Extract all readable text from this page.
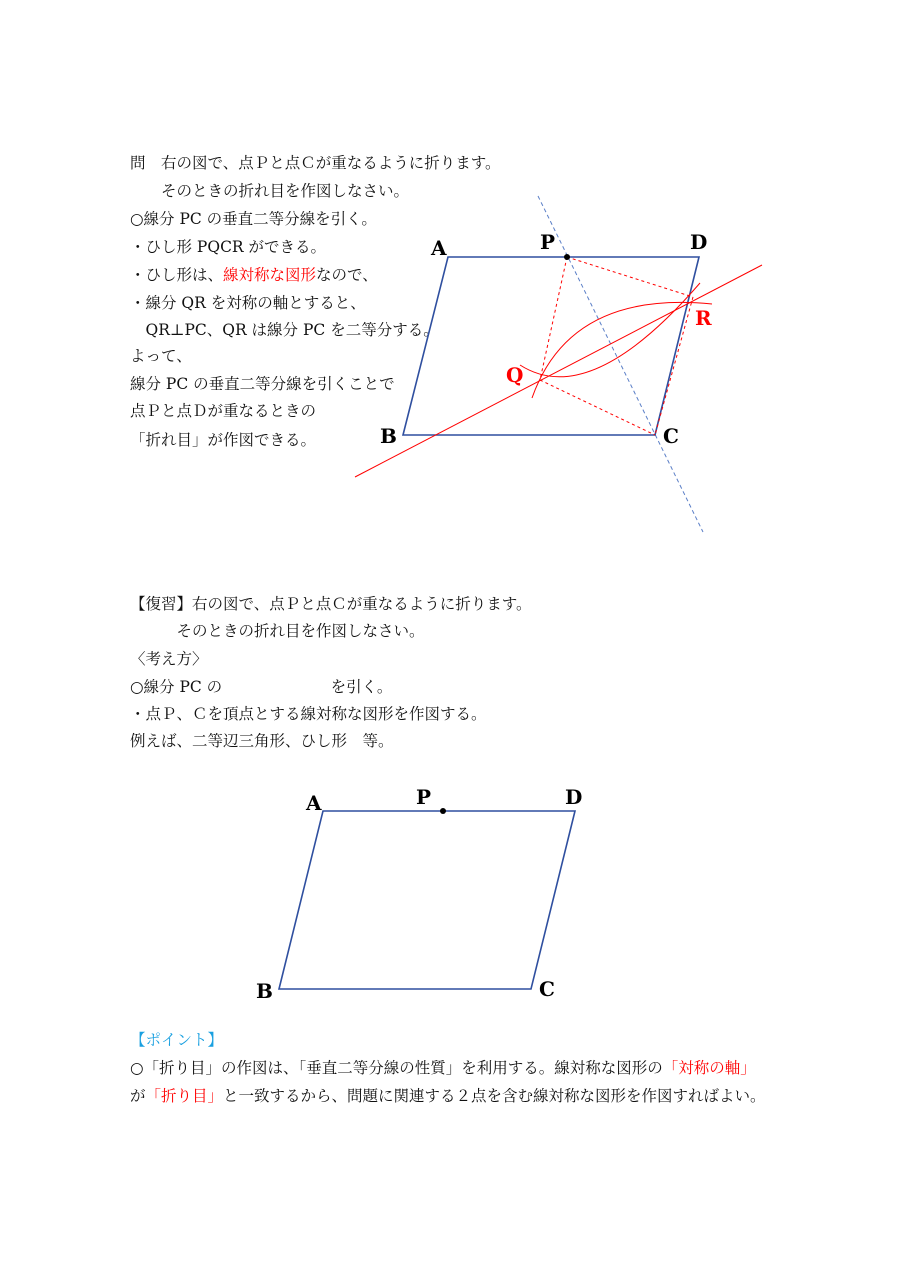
問　右の図で、点Ｐと点Ｃが重なるように折ります。
　　そのときの折れ目を作図しなさい。
○線分 PC の垂直二等分線を引く。
・ひし形 PQCR ができる。
・ひし形は、線対称な図形なので、
・線分 QR を対称の軸とすると、
　QR⊥PC、QR は線分 PC を二等分する。
よって、
線分 PC の垂直二等分線を引くことで
点Ｐと点Ｄが重なるときの
「折れ目」が作図できる。
A	P	D
B	C
Q
R
A	P	D
B	C
【復習】右の図で、点Ｐと点Ｃが重なるように折ります。
　　　そのときの折れ目を作図しなさい。
〈考え方〉
○線分 PC の　　　　　　　を引く。
・点Ｐ、Ｃを頂点とする線対称な図形を作図する。
例えば、二等辺三角形、ひし形　等。
【ポイント】
○「折り目」の作図は、「垂直二等分線の性質」を利用する。線対称な図形の「対称の軸」
が「折り目」と一致するから、問題に関連する２点を含む線対称な図形を作図すればよい。
